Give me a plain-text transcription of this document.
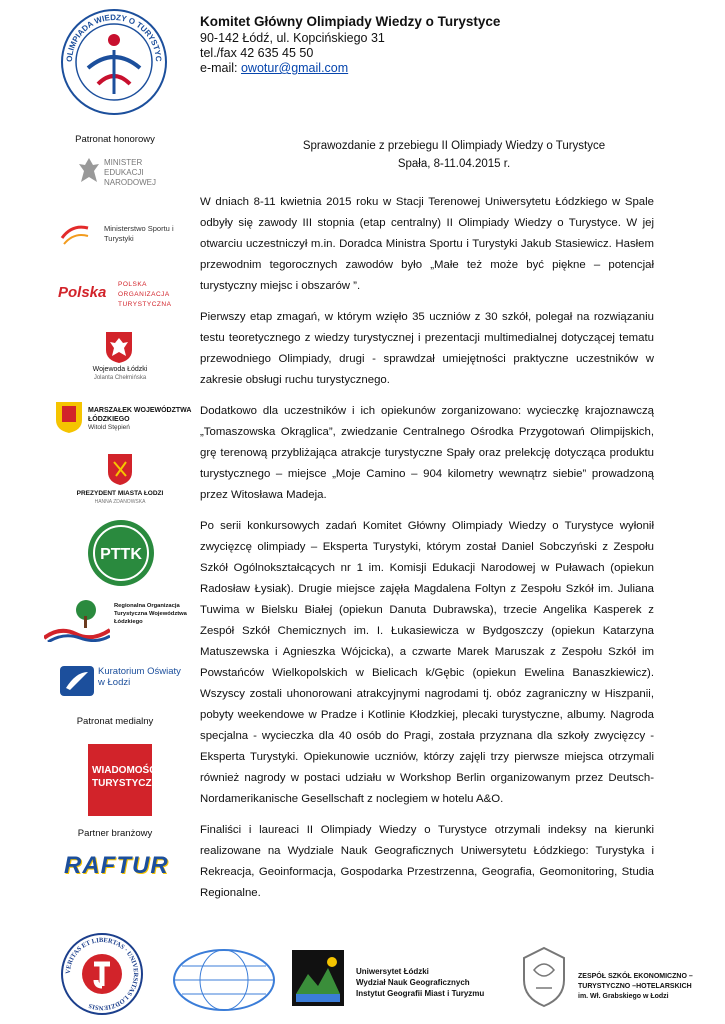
OLIMPIADA WIEDZY O TURYSTYC
Komitet Główny Olimpiady Wiedzy o Turystyce
90-142 Łódź, ul. Kopcińskiego 31
tel./fax 42 635 45 50
e-mail: owotur@gmail.com
Patronat honorowy
MINISTER EDUKACJI NARODOWEJ
Ministerstwo Sportu i Turystyki
Polska POLSKA ORGANIZACJA TURYSTYCZNA
Wojewoda Łódzki
Jolanta Chełmińska
MARSZAŁEK WOJEWÓDZTWA ŁÓDZKIEGO
Witold Stępień
PREZYDENT MIASTA ŁODZI
HANNA ZDANOWSKA
PTTK
Regionalna Organizacja Turystyczna Województwa Łódzkiego
Kuratorium Oświaty w Łodzi
Patronat medialny
WIADOMOŚCI TURYSTYCZNE
Partner branżowy
RAFTUR
Sprawozdanie z przebiegu II Olimpiady Wiedzy o Turystyce
Spała, 8-11.04.2015 r.

W dniach 8-11 kwietnia 2015 roku w Stacji Terenowej Uniwersytetu Łódzkiego w Spale odbyły się zawody III stopnia (etap centralny) II Olimpiady Wiedzy o Turystyce. W jej otwarciu uczestniczył m.in. Doradca Ministra Sportu i Turystyki Jakub Stasiewicz. Hasłem przewodnim tegorocznych zawodów było „Małe też może być piękne – potencjał turystyczny miejsc i obszarów ”.

Pierwszy etap zmagań, w którym wzięło 35 uczniów z 30 szkół, polegał na rozwiązaniu testu teoretycznego z wiedzy turystycznej i prezentacji multimedialnej dotyczącej tematu przewodniego Olimpiady, drugi - sprawdzał umiejętności praktyczne uczestników w zakresie obsługi ruchu turystycznego.

Dodatkowo dla uczestników i ich opiekunów zorganizowano: wycieczkę krajoznawczą „Tomaszowska Okrąglica”, zwiedzanie Centralnego Ośrodka Przygotowań Olimpijskich, grę terenową przybliżająca atrakcje turystyczne Spały oraz prelekcję dotycząca produktu turystycznego – miejsce „Moje Camino – 904 kilometry wewnątrz siebie” prowadzoną przez Witosława Madeja.

Po serii konkursowych zadań Komitet Główny Olimpiady Wiedzy o Turystyce wyłonił zwycięzcę olimpiady – Eksperta Turystyki, którym został Daniel Sobczyński z Zespołu Szkół Ogólnokształcących nr 1 im. Komisji Edukacji Narodowej w Puławach (opiekun Radosław Łysiak). Drugie miejsce zajęła Magdalena Foltyn z Zespołu Szkół im. Juliana Tuwima w Bielsku Białej (opiekun Danuta Dubrawska), trzecie Angelika Kasperek z Zespół Szkół Chemicznych im. I. Łukasiewicza w Bydgoszczy (opiekun Katarzyna Matuszewska i Agnieszka Wójcicka), a czwarte Marek Maruszak z Zespołu Szkół im Powstańców Wielkopolskich w Bielicach k/Gębic (opiekun Ewelina Banaszkiewicz). Wszyscy zostali uhonorowani atrakcyjnymi nagrodami tj. obóz zagraniczny w Hiszpanii, pobyty weekendowe w Pradze i Kotlinie Kłodzkiej, plecaki turystyczne, albumy. Nagroda specjalna - wycieczka dla 40 osób do Pragi, została przyznana dla szkoły zwycięzcy - Eksperta Turystyki. Opiekunowie uczniów, którzy zajęli trzy pierwsze miejsca otrzymali również nagrody w postaci udziału w Workshop Berlin organizowanym przez Deutsch-Nordamerikanische Gesellschaft z noclegiem w hotelu A&O.

Finaliści i laureaci II Olimpiady Wiedzy o Turystyce otrzymali indeksy na kierunki realizowane na Wydziale Nauk Geograficznych Uniwersytetu Łódzkiego: Turystyka i Rekreacja, Geoinformacja, Gospodarka Przestrzenna, Geografia, Geomonitoring, Studia Regionalne.

VERITAS ET LIBERTAS · UNIVERSITAS LODZIENSIS
Uniwersytet Łódzki
Wydział Nauk Geograficznych
Instytut Geografii Miast i Turyzmu
ZESPÓŁ SZKÓŁ EKONOMICZNO –
TURYSTYCZNO –HOTELARSKICH
im. Wł. Grabskiego w Łodzi
